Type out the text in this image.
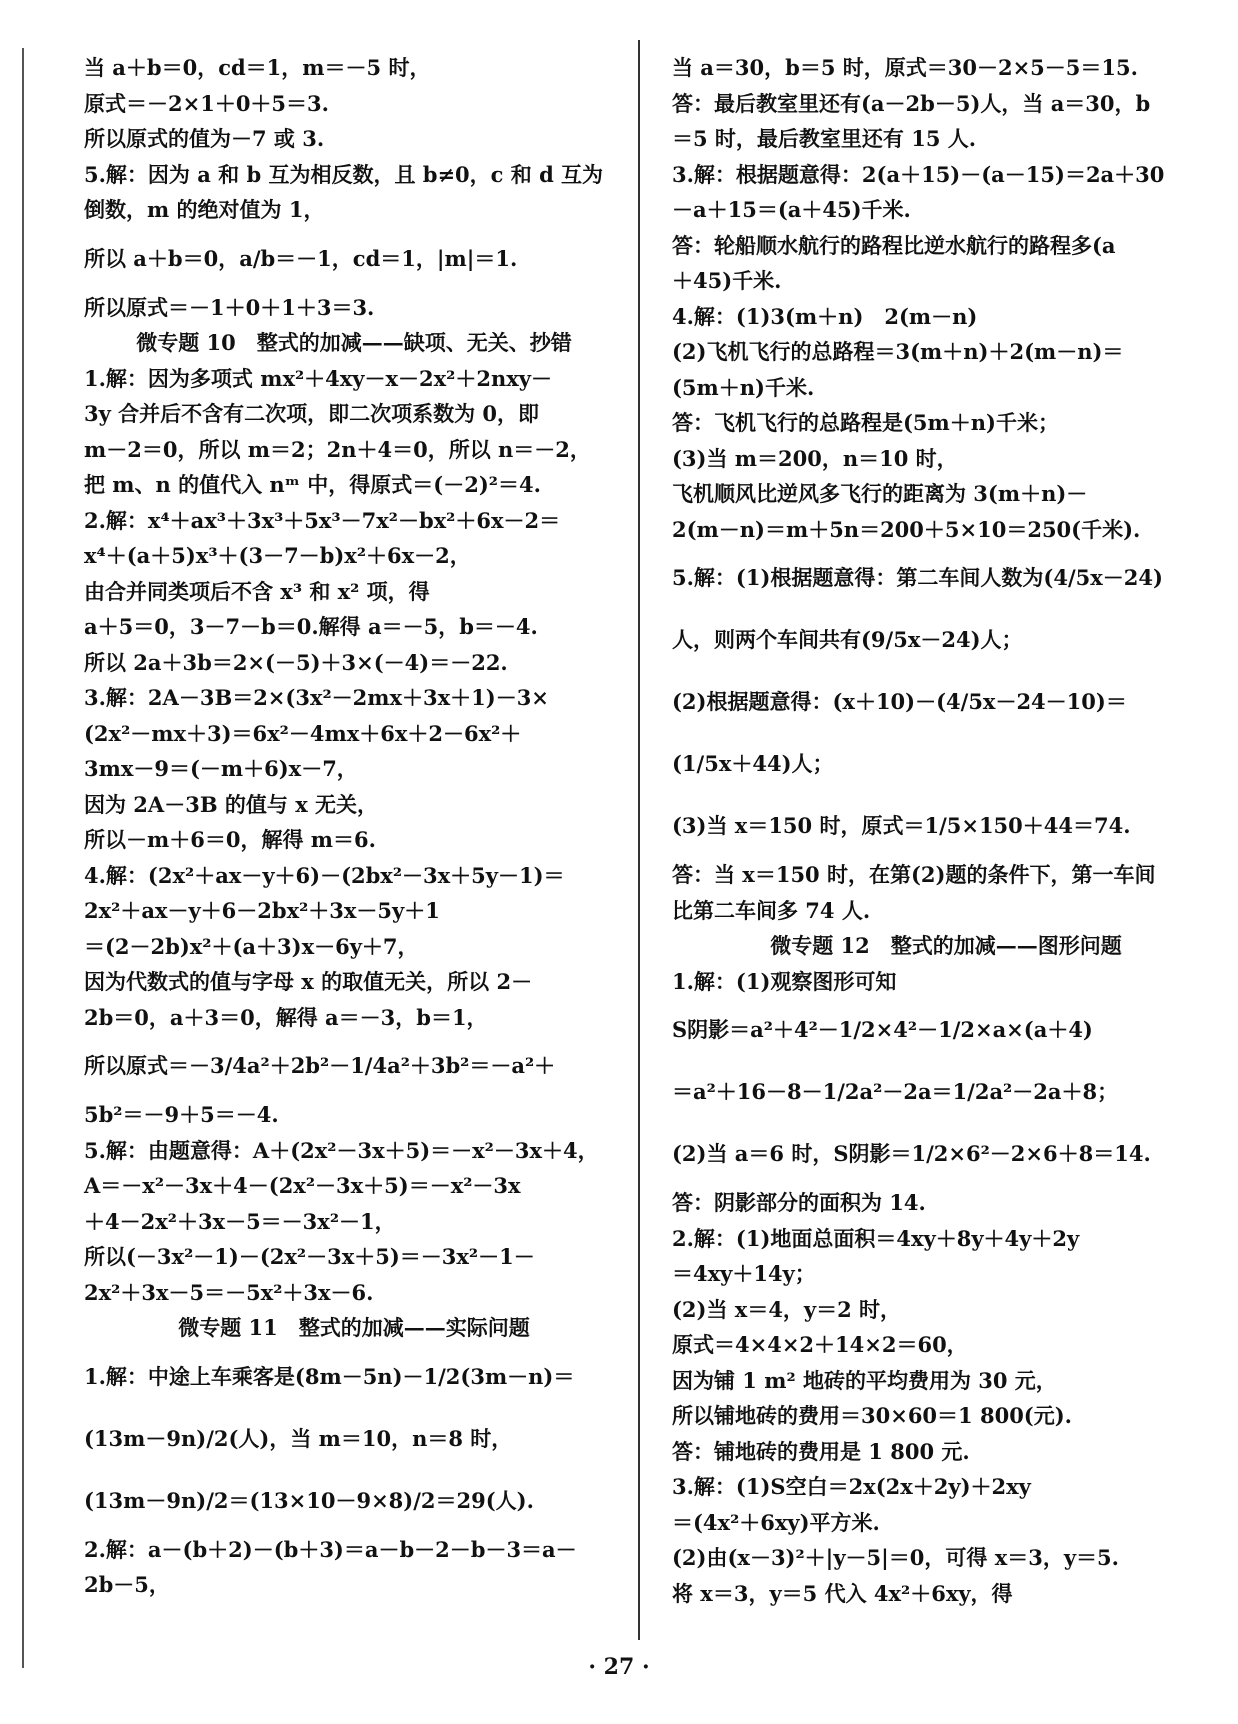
当 a＋b＝0，cd＝1，m＝－5 时，
原式＝－2×1＋0＋5＝3.
所以原式的值为－7 或 3.
5.解：因为 a 和 b 互为相反数，且 b≠0，c 和 d 互为
倒数，m 的绝对值为 1，
所以 a＋b＝0，a/b＝－1，cd＝1，|m|＝1.
所以原式＝－1＋0＋1＋3＝3.
微专题 10　整式的加减——缺项、无关、抄错
1.解：因为多项式 mx²＋4xy－x－2x²＋2nxy－
3y 合并后不含有二次项，即二次项系数为 0，即
m－2＝0，所以 m＝2；2n＋4＝0，所以 n＝－2，
把 m、n 的值代入 nᵐ 中，得原式＝(－2)²＝4.
2.解：x⁴＋ax³＋3x³＋5x³－7x²－bx²＋6x－2＝
x⁴＋(a＋5)x³＋(3－7－b)x²＋6x－2，
由合并同类项后不含 x³ 和 x² 项，得
a＋5＝0，3－7－b＝0.解得 a＝－5，b＝－4.
所以 2a＋3b＝2×(－5)＋3×(－4)＝－22.
3.解：2A－3B＝2×(3x²－2mx＋3x＋1)－3×
(2x²－mx＋3)＝6x²－4mx＋6x＋2－6x²＋
3mx－9＝(－m＋6)x－7，
因为 2A－3B 的值与 x 无关，
所以－m＋6＝0，解得 m＝6.
4.解：(2x²＋ax－y＋6)－(2bx²－3x＋5y－1)＝
2x²＋ax－y＋6－2bx²＋3x－5y＋1
＝(2－2b)x²＋(a＋3)x－6y＋7，
因为代数式的值与字母 x 的取值无关，所以 2－
2b＝0，a＋3＝0，解得 a＝－3，b＝1，
所以原式＝－3/4a²＋2b²－1/4a²＋3b²＝－a²＋
5b²＝－9＋5＝－4.
5.解：由题意得：A＋(2x²－3x＋5)＝－x²－3x＋4，
A＝－x²－3x＋4－(2x²－3x＋5)＝－x²－3x
＋4－2x²＋3x－5＝－3x²－1，
所以(－3x²－1)－(2x²－3x＋5)＝－3x²－1－
2x²＋3x－5＝－5x²＋3x－6.
微专题 11　整式的加减——实际问题
1.解：中途上车乘客是(8m－5n)－1/2(3m－n)＝
(13m－9n)/2(人)，当 m＝10，n＝8 时，
(13m－9n)/2＝(13×10－9×8)/2＝29(人).
2.解：a－(b＋2)－(b＋3)＝a－b－2－b－3＝a－
2b－5，
当 a＝30，b＝5 时，原式＝30－2×5－5＝15.
答：最后教室里还有(a－2b－5)人，当 a＝30，b
＝5 时，最后教室里还有 15 人.
3.解：根据题意得：2(a＋15)－(a－15)＝2a＋30
－a＋15＝(a＋45)千米.
答：轮船顺水航行的路程比逆水航行的路程多(a
＋45)千米.
4.解：(1)3(m＋n)　2(m－n)
(2)飞机飞行的总路程＝3(m＋n)＋2(m－n)＝
(5m＋n)千米.
答：飞机飞行的总路程是(5m＋n)千米；
(3)当 m＝200，n＝10 时，
飞机顺风比逆风多飞行的距离为 3(m＋n)－
2(m－n)＝m＋5n＝200＋5×10＝250(千米).
5.解：(1)根据题意得：第二车间人数为(4/5x－24)
人，则两个车间共有(9/5x－24)人；
(2)根据题意得：(x＋10)－(4/5x－24－10)＝
(1/5x＋44)人；
(3)当 x＝150 时，原式＝1/5×150＋44＝74.
答：当 x＝150 时，在第(2)题的条件下，第一车间
比第二车间多 74 人.
微专题 12　整式的加减——图形问题
1.解：(1)观察图形可知
S阴影＝a²＋4²－1/2×4²－1/2×a×(a＋4)
＝a²＋16－8－1/2a²－2a＝1/2a²－2a＋8；
(2)当 a＝6 时，S阴影＝1/2×6²－2×6＋8＝14.
答：阴影部分的面积为 14.
2.解：(1)地面总面积＝4xy＋8y＋4y＋2y
＝4xy＋14y；
(2)当 x＝4，y＝2 时，
原式＝4×4×2＋14×2＝60，
因为铺 1 m² 地砖的平均费用为 30 元，
所以铺地砖的费用＝30×60＝1 800(元).
答：铺地砖的费用是 1 800 元.
3.解：(1)S空白＝2x(2x＋2y)＋2xy
＝(4x²＋6xy)平方米.
(2)由(x－3)²＋|y－5|＝0，可得 x＝3，y＝5.
将 x＝3，y＝5 代入 4x²＋6xy，得
· 27 ·
